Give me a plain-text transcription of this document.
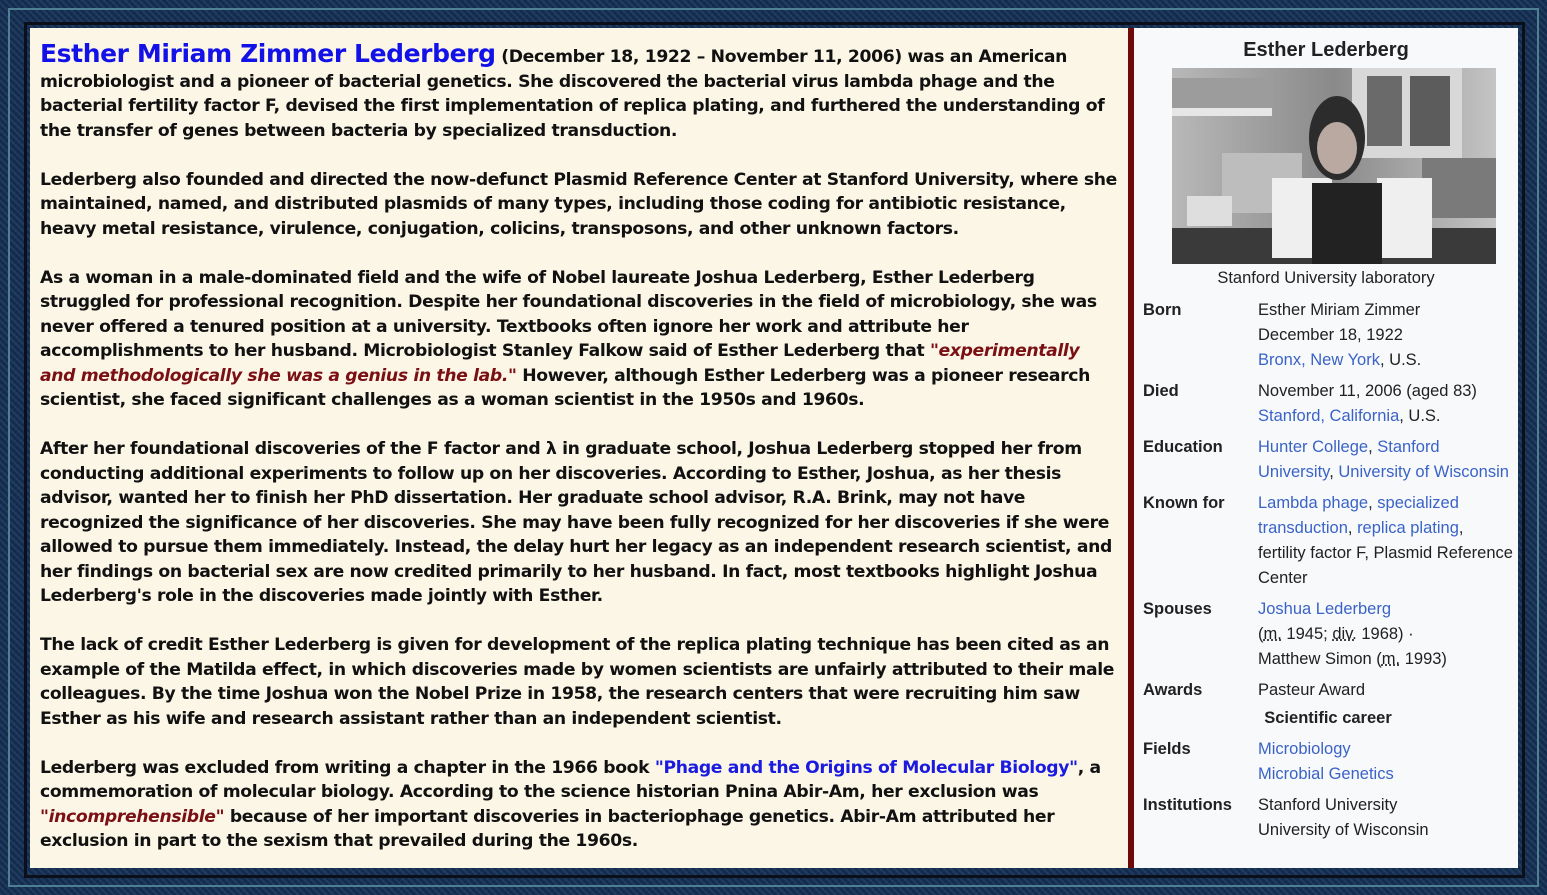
Esther Miriam Zimmer Lederberg (December 18, 1922 – November 11, 2006) was an American microbiologist and a pioneer of bacterial genetics. She discovered the bacterial virus lambda phage and the bacterial fertility factor F, devised the first implementation of replica plating, and furthered the understanding of the transfer of genes between bacteria by specialized transduction.

Lederberg also founded and directed the now-defunct Plasmid Reference Center at Stanford University, where she maintained, named, and distributed plasmids of many types, including those coding for antibiotic resistance, heavy metal resistance, virulence, conjugation, colicins, transposons, and other unknown factors.

As a woman in a male-dominated field and the wife of Nobel laureate Joshua Lederberg, Esther Lederberg struggled for professional recognition. Despite her foundational discoveries in the field of microbiology, she was never offered a tenured position at a university. Textbooks often ignore her work and attribute her accomplishments to her husband. Microbiologist Stanley Falkow said of Esther Lederberg that "experimentally and methodologically she was a genius in the lab." However, although Esther Lederberg was a pioneer research scientist, she faced significant challenges as a woman scientist in the 1950s and 1960s.

After her foundational discoveries of the F factor and λ in graduate school, Joshua Lederberg stopped her from conducting additional experiments to follow up on her discoveries. According to Esther, Joshua, as her thesis advisor, wanted her to finish her PhD dissertation. Her graduate school advisor, R.A. Brink, may not have recognized the significance of her discoveries. She may have been fully recognized for her discoveries if she were allowed to pursue them immediately. Instead, the delay hurt her legacy as an independent research scientist, and her findings on bacterial sex are now credited primarily to her husband. In fact, most textbooks highlight Joshua Lederberg's role in the discoveries made jointly with Esther.

The lack of credit Esther Lederberg is given for development of the replica plating technique has been cited as an example of the Matilda effect, in which discoveries made by women scientists are unfairly attributed to their male colleagues. By the time Joshua won the Nobel Prize in 1958, the research centers that were recruiting him saw Esther as his wife and research assistant rather than an independent scientist.

Lederberg was excluded from writing a chapter in the 1966 book "Phage and the Origins of Molecular Biology", a commemoration of molecular biology. According to the science historian Pnina Abir-Am, her exclusion was "incomprehensible" because of her important discoveries in bacteriophage genetics. Abir-Am attributed her exclusion in part to the sexism that prevailed during the 1960s.

Esther Lederberg
Stanford University laboratory
Born	Esther Miriam Zimmer
December 18, 1922
Bronx, New York, U.S.
Died	November 11, 2006 (aged 83)
Stanford, California, U.S.
Education	Hunter College, Stanford University, University of Wisconsin
Known for	Lambda phage, specialized transduction, replica plating, fertility factor F, Plasmid Reference Center
Spouses	Joshua Lederberg
(m. 1945; div. 1968) ·
Matthew Simon (m. 1993)
Awards	Pasteur Award
Scientific career
Fields	Microbiology
Microbial Genetics
Institutions	Stanford University
University of Wisconsin
